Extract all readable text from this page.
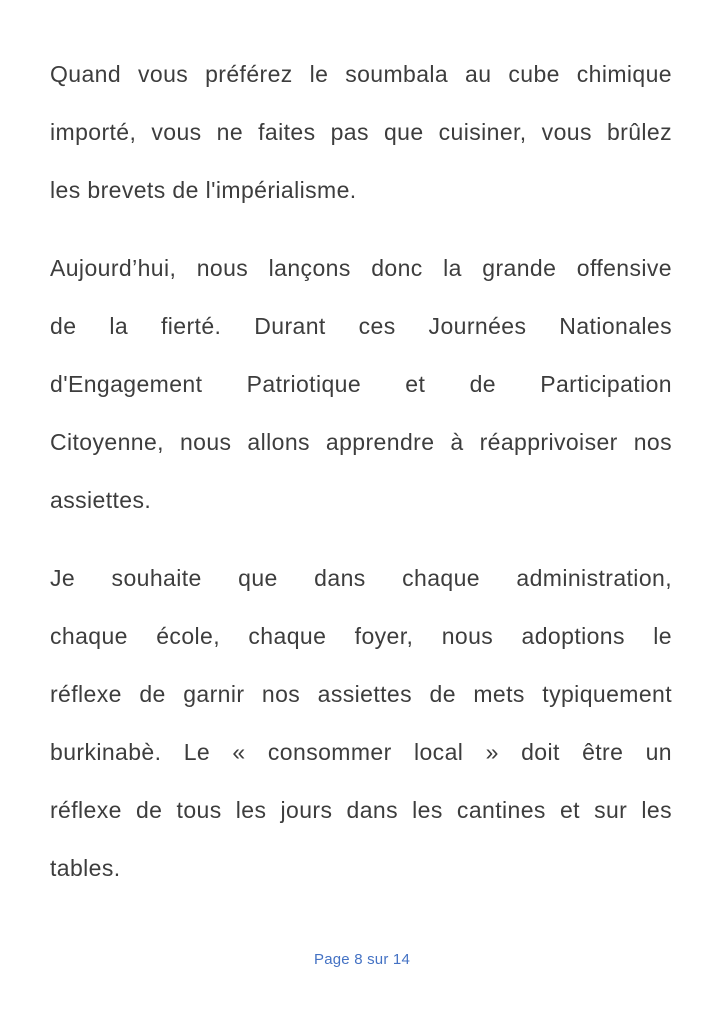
Quand vous préférez le soumbala au cube chimique
importé, vous ne faites pas que cuisiner, vous brûlez
les brevets de l'impérialisme.
Aujourd’hui, nous lançons donc la grande offensive
de la fierté. Durant ces Journées Nationales
d'Engagement Patriotique et de Participation
Citoyenne, nous allons apprendre à réapprivoiser nos
assiettes.
Je souhaite que dans chaque administration,
chaque école, chaque foyer, nous adoptions le
réflexe de garnir nos assiettes de mets typiquement
burkinabè. Le « consommer local » doit être un
réflexe de tous les jours dans les cantines et sur les
tables.
Page 8 sur 14
